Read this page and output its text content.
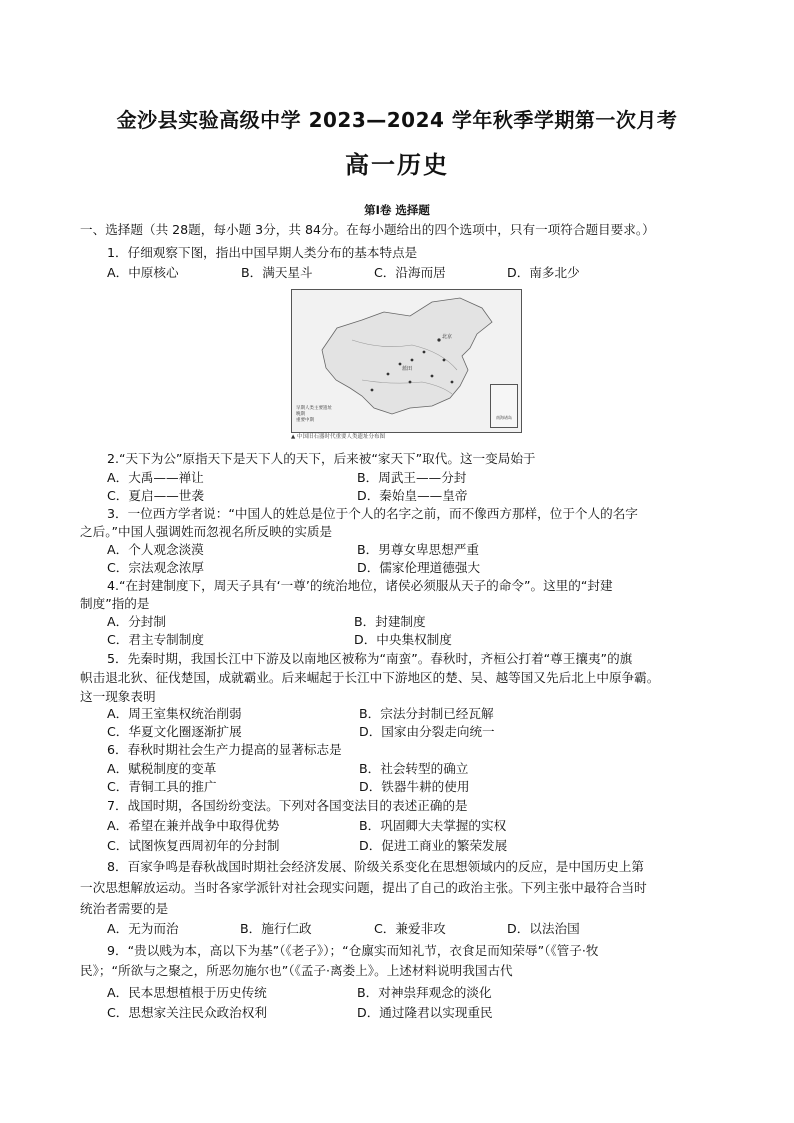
金沙县实验高级中学 2023—2024 学年秋季学期第一次月考
高一历史
第Ⅰ卷 选择题
一、选择题（共 28题，每小题 3分，共 84分。在每小题给出的四个选项中，只有一项符合题目要求。）
1．仔细观察下图，指出中国早期人类分布的基本特点是
A．中原核心	B．满天星斗	C．沿海而居	D．南多北少
北京
蓝田
早期人类主要遗址
晚期
重要中期
南海诸岛
▲ 中国旧石器时代重要人类遗址分布图
2.“天下为公”原指天下是天下人的天下，后来被“家天下”取代。这一变局始于
A．大禹——禅让	B．周武王——分封
C．夏启——世袭	D．秦始皇——皇帝
3．一位西方学者说：“中国人的姓总是位于个人的名字之前，而不像西方那样，位于个人的名字
之后。”中国人强调姓而忽视名所反映的实质是
A．个人观念淡漠	B．男尊女卑思想严重
C．宗法观念浓厚	D．儒家伦理道德强大
4.“在封建制度下，周天子具有‘一尊’的统治地位，诸侯必须服从天子的命令”。这里的“封建
制度”指的是
A．分封制	B．封建制度
C．君主专制制度	D．中央集权制度
5．先秦时期，我国长江中下游及以南地区被称为“南蛮”。春秋时，齐桓公打着“尊王攘夷”的旗
帜击退北狄、征伐楚国，成就霸业。后来崛起于长江中下游地区的楚、吴、越等国又先后北上中原争霸。
这一现象表明
A．周王室集权统治削弱	B．宗法分封制已经瓦解
C．华夏文化圈逐渐扩展	D．国家由分裂走向统一
6．春秋时期社会生产力提高的显著标志是
A．赋税制度的变革	B．社会转型的确立
C．青铜工具的推广	D．铁器牛耕的使用
7．战国时期，各国纷纷变法。下列对各国变法目的表述正确的是
A．希望在兼并战争中取得优势	B．巩固卿大夫掌握的实权
C．试图恢复西周初年的分封制	D．促进工商业的繁荣发展
8．百家争鸣是春秋战国时期社会经济发展、阶级关系变化在思想领域内的反应，是中国历史上第
一次思想解放运动。当时各家学派针对社会现实问题，提出了自己的政治主张。下列主张中最符合当时
统治者需要的是
A．无为而治	B．施行仁政	C．兼爱非攻	D．以法治国
9．“贵以贱为本，高以下为基”（《老子》）；“仓廪实而知礼节，衣食足而知荣辱”（《管子·牧
民》；“所欲与之聚之，所恶勿施尔也”（《孟子·离娄上》。上述材料说明我国古代
A．民本思想植根于历史传统	B．对神祟拜观念的淡化
C．思想家关注民众政治权利	D．通过隆君以实现重民
